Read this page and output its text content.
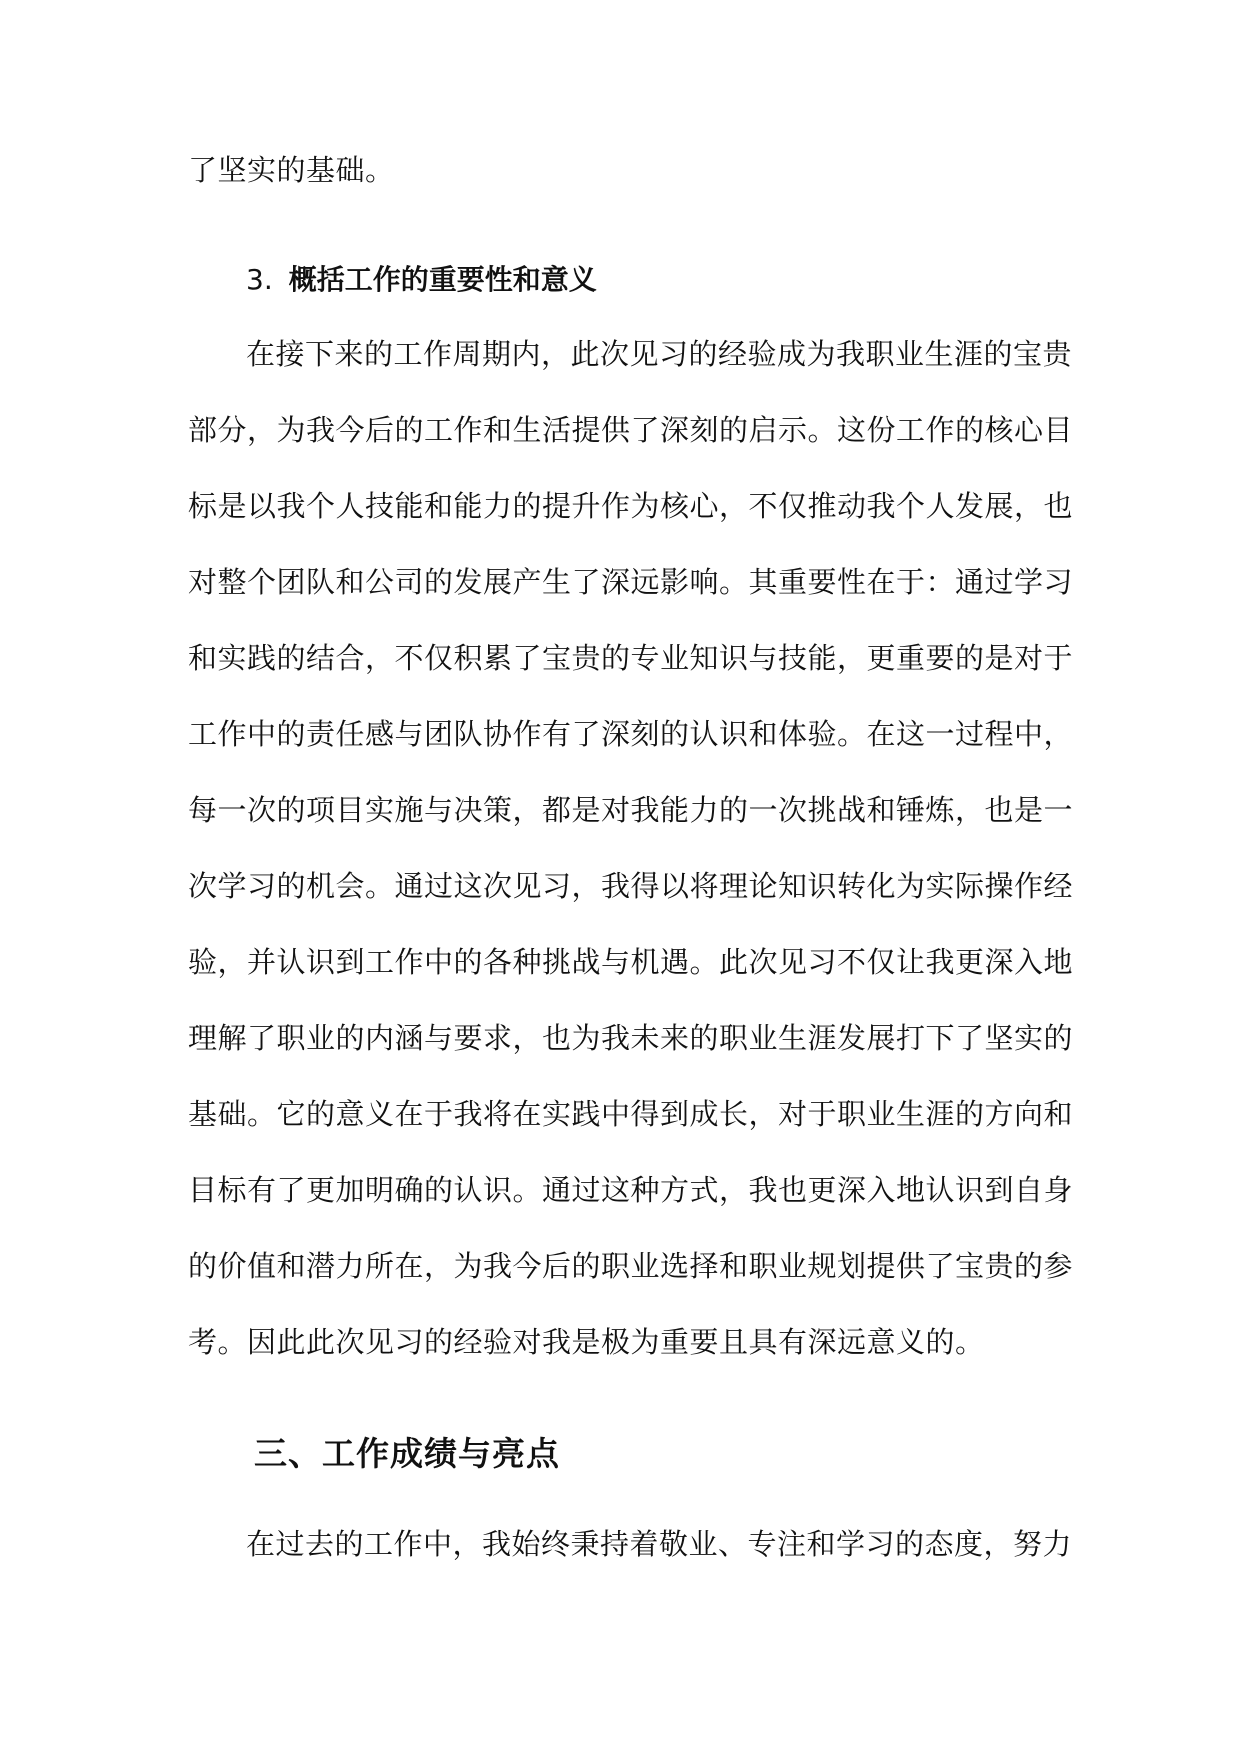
了坚实的基础。

3. 概括工作的重要性和意义

在接下来的工作周期内，此次见习的经验成为我职业生涯的宝贵

部分，为我今后的工作和生活提供了深刻的启示。这份工作的核心目

标是以我个人技能和能力的提升作为核心，不仅推动我个人发展，也

对整个团队和公司的发展产生了深远影响。其重要性在于：通过学习

和实践的结合，不仅积累了宝贵的专业知识与技能，更重要的是对于

工作中的责任感与团队协作有了深刻的认识和体验。在这一过程中，

每一次的项目实施与决策，都是对我能力的一次挑战和锤炼，也是一

次学习的机会。通过这次见习，我得以将理论知识转化为实际操作经

验，并认识到工作中的各种挑战与机遇。此次见习不仅让我更深入地

理解了职业的内涵与要求，也为我未来的职业生涯发展打下了坚实的

基础。它的意义在于我将在实践中得到成长，对于职业生涯的方向和

目标有了更加明确的认识。通过这种方式，我也更深入地认识到自身

的价值和潜力所在，为我今后的职业选择和职业规划提供了宝贵的参

考。因此此次见习的经验对我是极为重要且具有深远意义的。

三、工作成绩与亮点

在过去的工作中，我始终秉持着敬业、专注和学习的态度，努力
